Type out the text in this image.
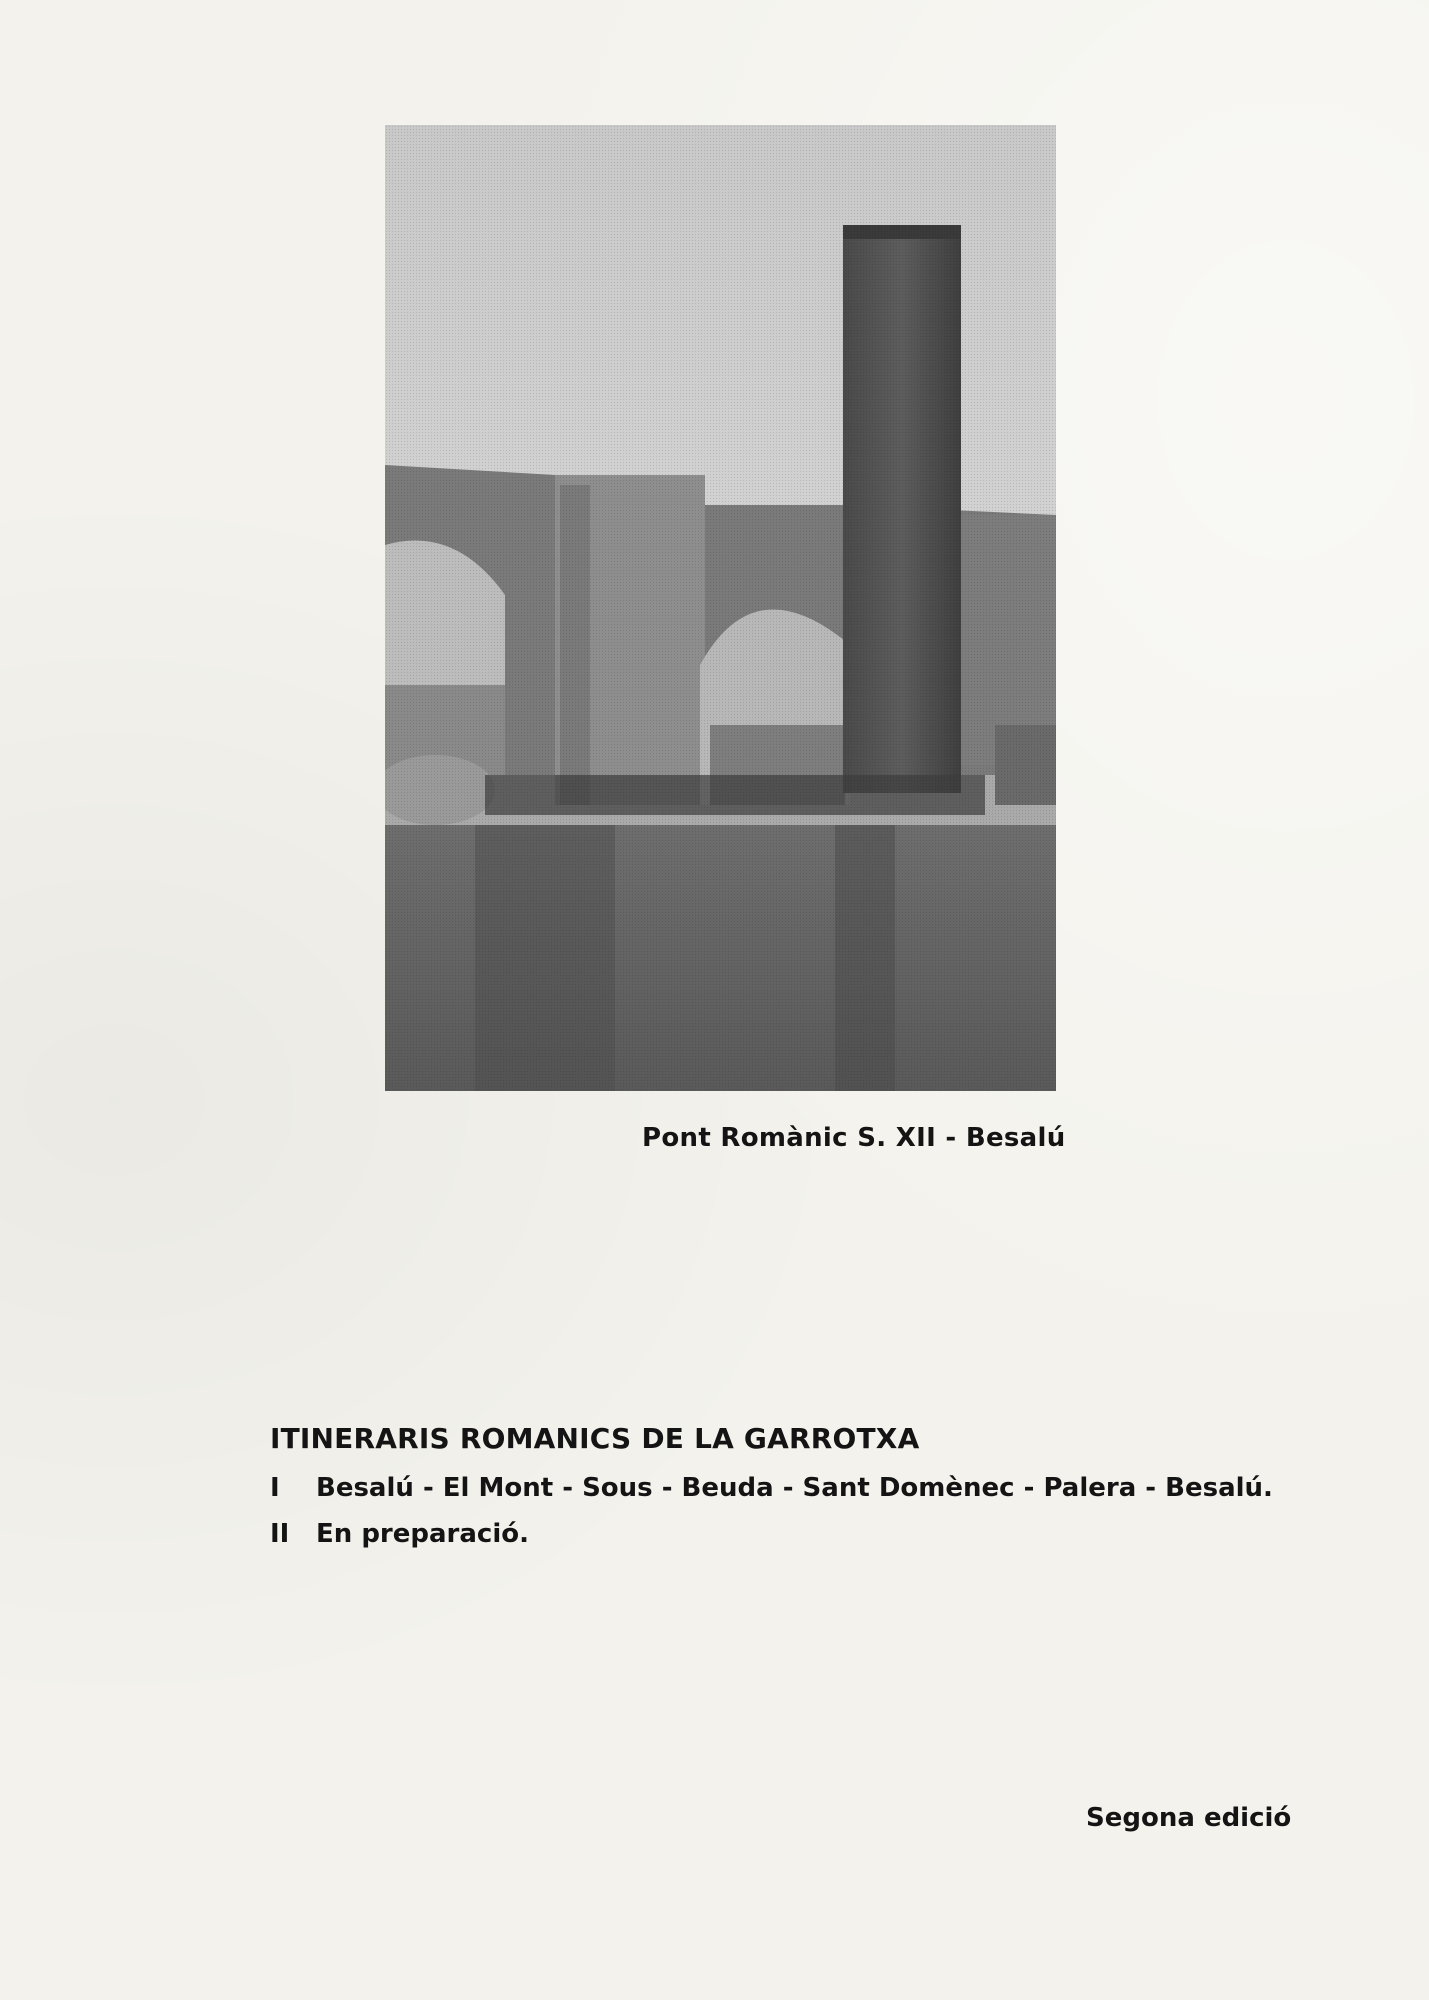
Pont Romànic S. XII - Besalú
ITINERARIS ROMANICS DE LA GARROTXA
I Besalú - El Mont - Sous - Beuda - Sant Domènec - Palera - Besalú.
II En preparació.
Segona edició
